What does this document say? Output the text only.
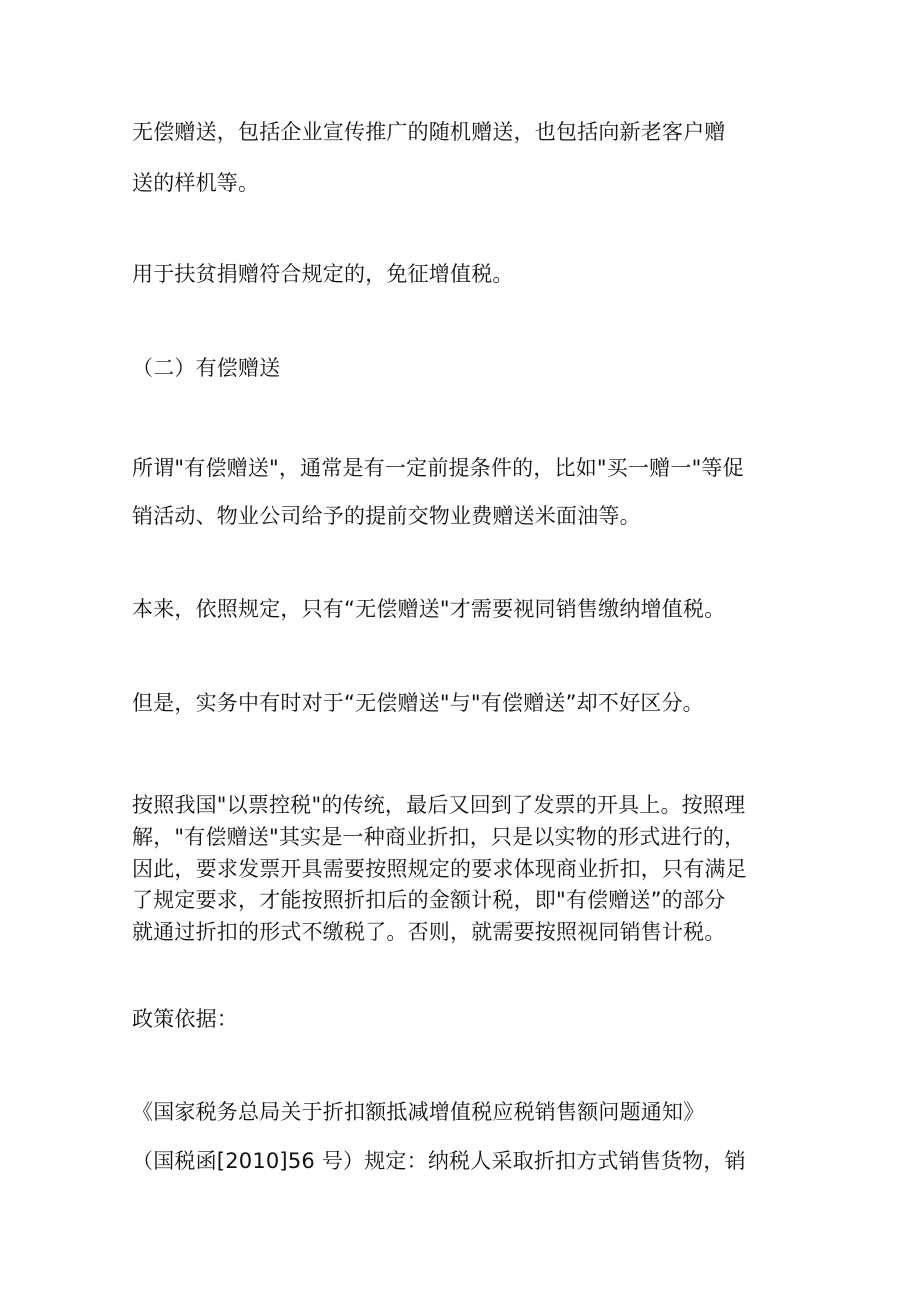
无偿赠送，包括企业宣传推广的随机赠送，也包括向新老客户赠
送的样机等。
用于扶贫捐赠符合规定的，免征增值税。
（二）有偿赠送
所谓"有偿赠送"，通常是有一定前提条件的，比如"买一赠一"等促
销活动、物业公司给予的提前交物业费赠送米面油等。
本来，依照规定，只有“无偿赠送"才需要视同销售缴纳增值税。
但是，实务中有时对于“无偿赠送"与"有偿赠送”却不好区分。
按照我国"以票控税"的传统，最后又回到了发票的开具上。按照理
解，"有偿赠送"其实是一种商业折扣，只是以实物的形式进行的，
因此，要求发票开具需要按照规定的要求体现商业折扣，只有满足
了规定要求，才能按照折扣后的金额计税，即"有偿赠送”的部分
就通过折扣的形式不缴税了。否则，就需要按照视同销售计税。
政策依据：
《国家税务总局关于折扣额抵减增值税应税销售额问题通知》
（国税函[2010]56 号）规定：纳税人采取折扣方式销售货物，销
